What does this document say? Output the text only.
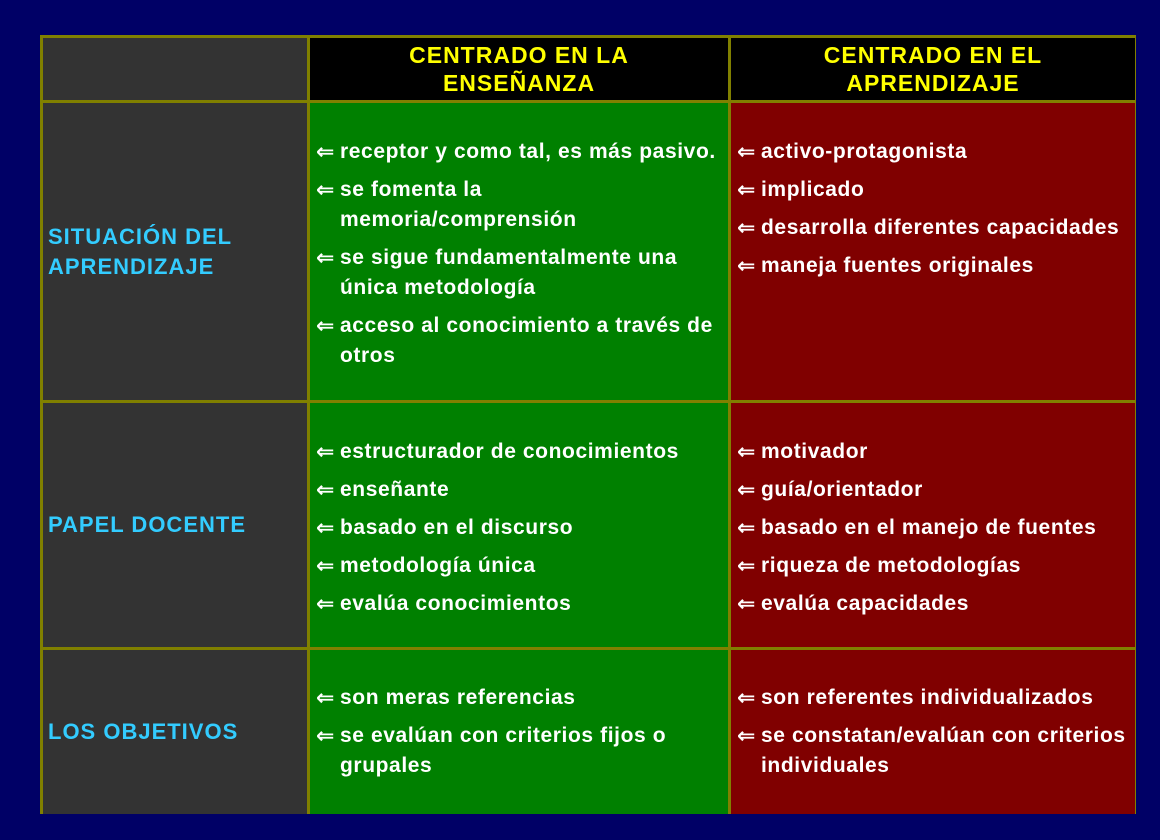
CENTRADO EN LA ENSEÑANZA
CENTRADO EN EL APRENDIZAJE
SITUACIÓN DEL APRENDIZAJE
⇐ receptor y como tal, es más pasivo.
⇐ se fomenta la memoria/comprensión
⇐ se sigue fundamentalmente una única metodología
⇐ acceso al conocimiento a través de otros
⇐ activo-protagonista
⇐ implicado
⇐ desarrolla diferentes capacidades
⇐ maneja fuentes originales
PAPEL DOCENTE
⇐ estructurador de conocimientos
⇐ enseñante
⇐ basado en el discurso
⇐ metodología única
⇐ evalúa conocimientos
⇐ motivador
⇐ guía/orientador
⇐ basado en el manejo de fuentes
⇐ riqueza de metodologías
⇐ evalúa capacidades
LOS OBJETIVOS
⇐ son meras referencias
⇐ se evalúan con criterios fijos o grupales
⇐ son referentes individualizados
⇐ se constatan/evalúan con criterios individuales
